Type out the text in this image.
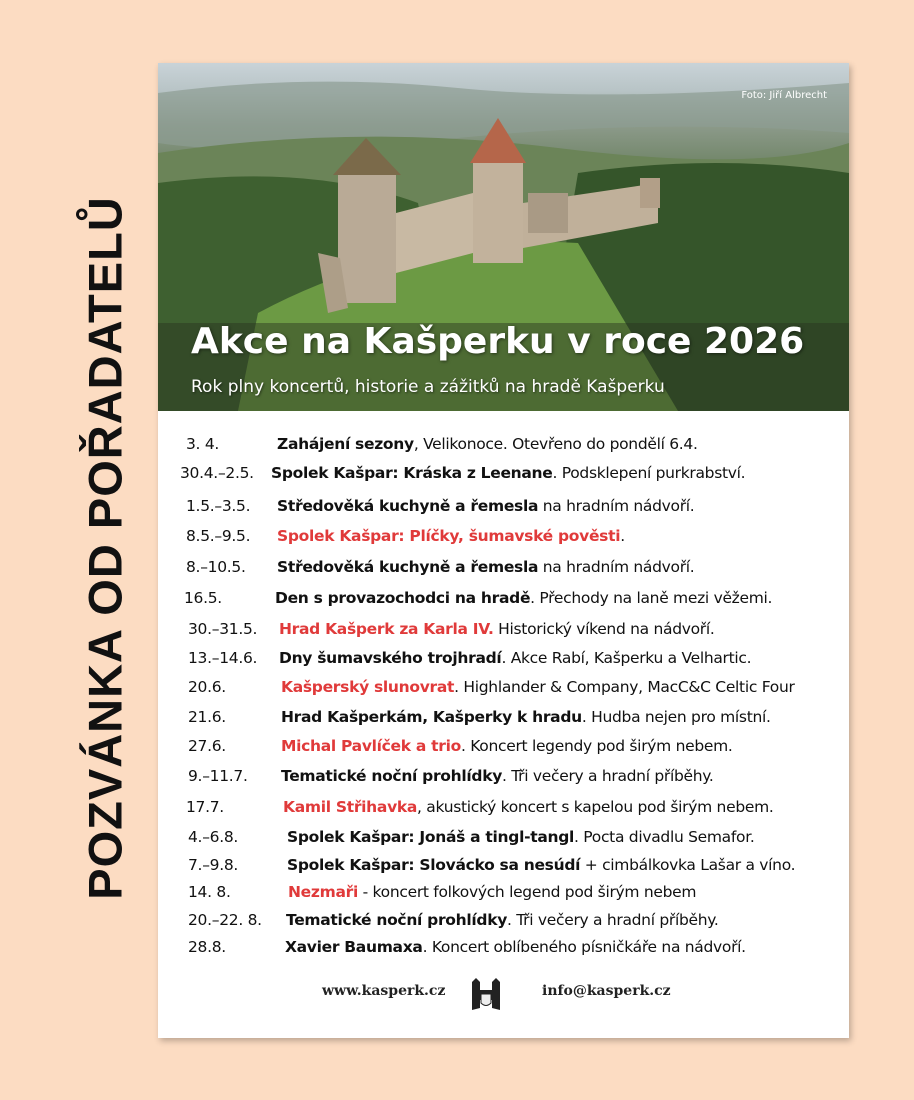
POZVÁNKA OD POŘADATELŮ
Foto: Jiří Albrecht
Akce na Kašperku v roce 2026
Rok plny koncertů, historie a zážitků na hradě Kašperku
3. 4.	Zahájení sezony, Velikonoce. Otevřeno do pondělí 6.4.
30.4.–2.5. Spolek Kašpar: Kráska z Leenane. Podsklepení purkrabství.
1.5.–3.5. Středověká kuchyně a řemesla na hradním nádvoří.
8.5.–9.5. Spolek Kašpar: Plíčky, šumavské pověsti.
8.–10.5. Středověká kuchyně a řemesla na hradním nádvoří.
16.5.	Den s provazochodci na hradě. Přechody na laně mezi věžemi.
30.–31.5. Hrad Kašperk za Karla IV. Historický víkend na nádvoří.
13.–14.6. Dny šumavského trojhradí. Akce Rabí, Kašperku a Velhartic.
20.6.	Kašperský slunovrat. Highlander & Company, MacC&C Celtic Four
21.6.	Hrad Kašperkám, Kašperky k hradu. Hudba nejen pro místní.
27.6.	Michal Pavlíček a trio. Koncert legendy pod širým nebem.
9.–11.7. Tematické noční prohlídky. Tři večery a hradní příběhy.
17.7.	Kamil Střihavka, akustický koncert s kapelou pod širým nebem.
4.–6.8.	Spolek Kašpar: Jonáš a tingl-tangl. Pocta divadlu Semafor.
7.–9.8.	Spolek Kašpar: Slovácko sa nesúdí + cimbálkovka Lašar a víno.
14. 8.	Nezmaři - koncert folkových legend pod širým nebem
20.–22. 8. Tematické noční prohlídky. Tři večery a hradní příběhy.
28.8.	Xavier Baumaxa. Koncert oblíbeného písničkáře na nádvoří.
www.kasperk.cz	info@kasperk.cz
